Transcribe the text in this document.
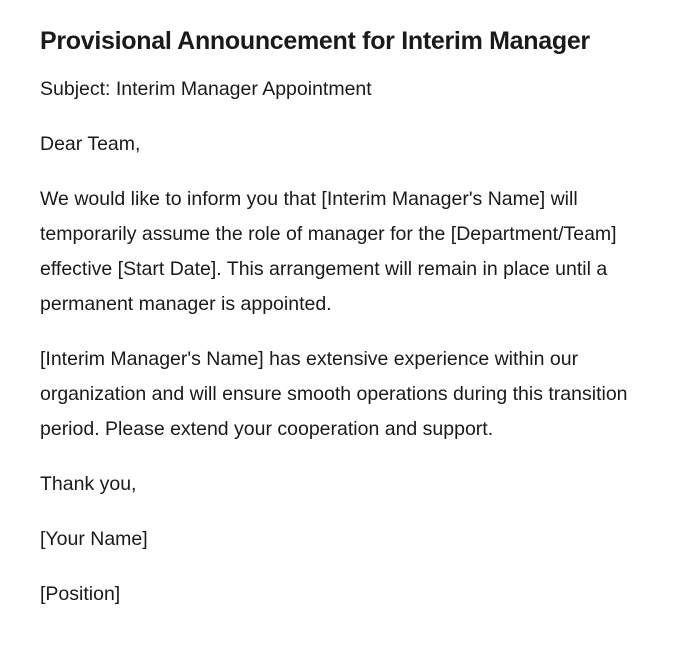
Provisional Announcement for Interim Manager

Subject: Interim Manager Appointment

Dear Team,

We would like to inform you that [Interim Manager's Name] will temporarily assume the role of manager for the [Department/Team] effective [Start Date]. This arrangement will remain in place until a permanent manager is appointed.

[Interim Manager's Name] has extensive experience within our organization and will ensure smooth operations during this transition period. Please extend your cooperation and support.

Thank you,

[Your Name]

[Position]
